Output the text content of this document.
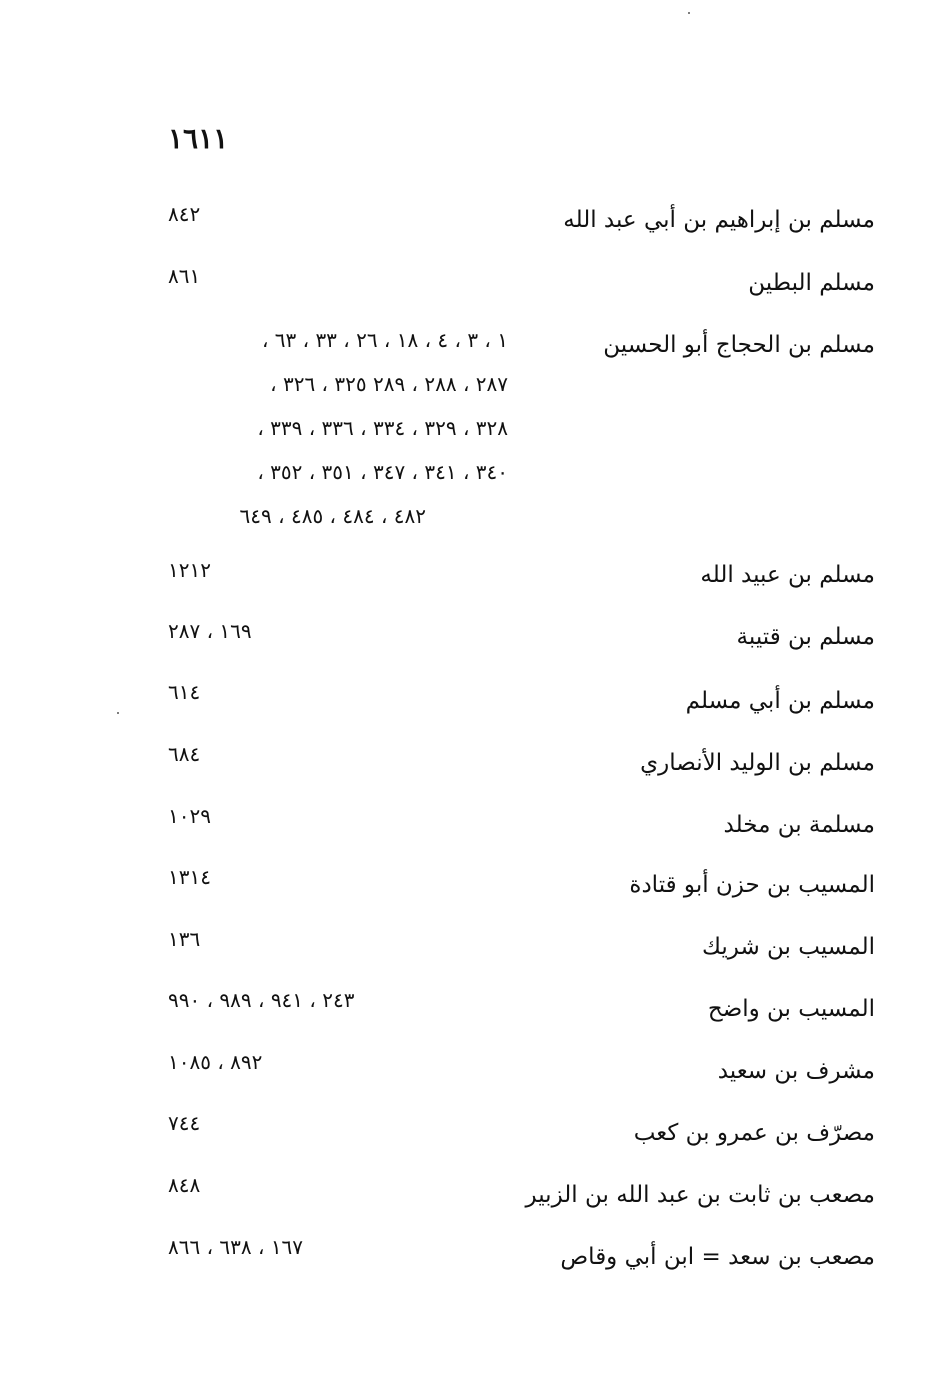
١٦١١
مسلم بن إبراهيم بن أبي عبد الله
٨٤٢
مسلم البطين
٨٦١
مسلم بن الحجاج أبو الحسين
١ ، ٣ ، ٤ ، ١٨ ، ٢٦ ، ٣٣ ، ٦٣ ،
٢٨٧ ، ٢٨٨ ، ٢٨٩ ٣٢٥ ، ٣٢٦ ،
٣٢٨ ، ٣٢٩ ، ٣٣٤ ، ٣٣٦ ، ٣٣٩ ،
٣٤٠ ، ٣٤١ ، ٣٤٧ ، ٣٥١ ، ٣٥٢ ،
٤٨٢ ، ٤٨٤ ، ٤٨٥ ، ٦٤٩
مسلم بن عبيد الله
١٢١٢
مسلم بن قتيبة
١٦٩ ، ٢٨٧
مسلم بن أبي مسلم
٦١٤
مسلم بن الوليد الأنصاري
٦٨٤
مسلمة بن مخلد
١٠٢٩
المسيب بن حزن أبو قتادة
١٣١٤
المسيب بن شريك
١٣٦
المسيب بن واضح
٢٤٣ ، ٩٤١ ، ٩٨٩ ، ٩٩٠
مشرف بن سعيد
٨٩٢ ، ١٠٨٥
مصرّف بن عمرو بن كعب
٧٤٤
مصعب بن ثابت بن عبد الله بن الزبير
٨٤٨
مصعب بن سعد = ابن أبي وقاص
١٦٧ ، ٦٣٨ ، ٨٦٦
